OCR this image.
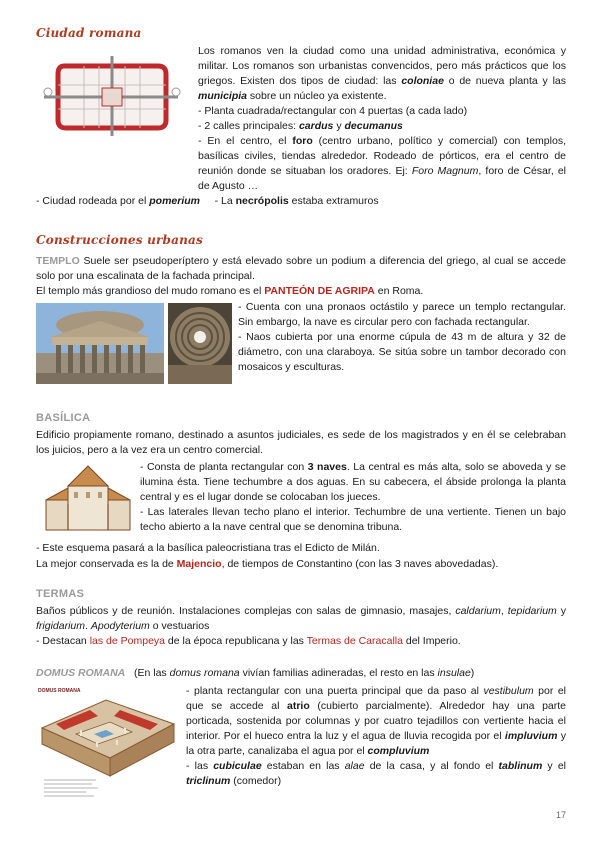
Ciudad romana

Los romanos ven la ciudad como una unidad administrativa, económica y militar. Los romanos son urbanistas convencidos, pero más prácticos que los griegos. Existen dos tipos de ciudad: las coloniae o de nueva planta y las municipia sobre un núcleo ya existente.

- Planta cuadrada/rectangular con 4 puertas (a cada lado)

- 2 calles principales: cardus y decumanus

- En el centro, el foro (centro urbano, político y comercial) con templos, basílicas civiles, tiendas alrededor. Rodeado de pórticos, era el centro de reunión donde se situaban los oradores. Ej: Foro Magnum, foro de César, el de Agusto …

- Ciudad rodeada por el pomerium     - La necrópolis estaba extramuros

Construcciones urbanas

TEMPLO Suele ser pseudoperíptero y está elevado sobre un podium a diferencia del griego, al cual se accede solo por una escalinata de la fachada principal.

El templo más grandioso del mudo romano es el PANTEÓN DE AGRIPA en Roma.

- Cuenta con una pronaos octástilo y parece un templo rectangular. Sin embargo, la nave es circular pero con fachada rectangular.

- Naos cubierta por una enorme cúpula de 43 m de altura y 32 de diámetro, con una claraboya. Se sitúa sobre un tambor decorado con mosaicos y esculturas.

BASÍLICA

Edificio propiamente romano, destinado a asuntos judiciales, es sede de los magistrados y en él se celebraban los juicios, pero a la vez era un centro comercial.

- Consta de planta rectangular con 3 naves. La central es más alta, solo se aboveda y se ilumina ésta. Tiene techumbre a dos aguas. En su cabecera, el ábside prolonga la planta central y es el lugar donde se colocaban los jueces.

- Las laterales llevan techo plano el interior. Techumbre de una vertiente. Tienen un bajo techo abierto a la nave central que se denomina tribuna.

- Este esquema pasará a la basílica paleocristiana tras el Edicto de Milán.

La mejor conservada es la de Majencio, de tiempos de Constantino (con las 3 naves abovedadas).

TERMAS

Baños públicos y de reunión. Instalaciones complejas con salas de gimnasio, masajes, caldarium, tepidarium y frigidarium. Apodyterium o vestuarios

- Destacan las de Pompeya de la época republicana y las Termas de Caracalla del Imperio.

DOMUS ROMANA   (En las domus romana vivían familias adineradas, el resto en las insulae)

DOMUS ROMANA	- planta rectangular con una puerta principal que da paso al vestibulum por el que se accede al atrio (cubierto parcialmente). Alrededor hay una parte porticada, sostenida por columnas y por cuatro tejadillos con vertiente hacia el interior. Por el hueco entra la luz y el agua de lluvia recogida por el impluvium y la otra parte, canalizaba el agua por el compluvium

- las cubiculae estaban en las alae de la casa, y al fondo el tablinum y el triclinum (comedor)

17
